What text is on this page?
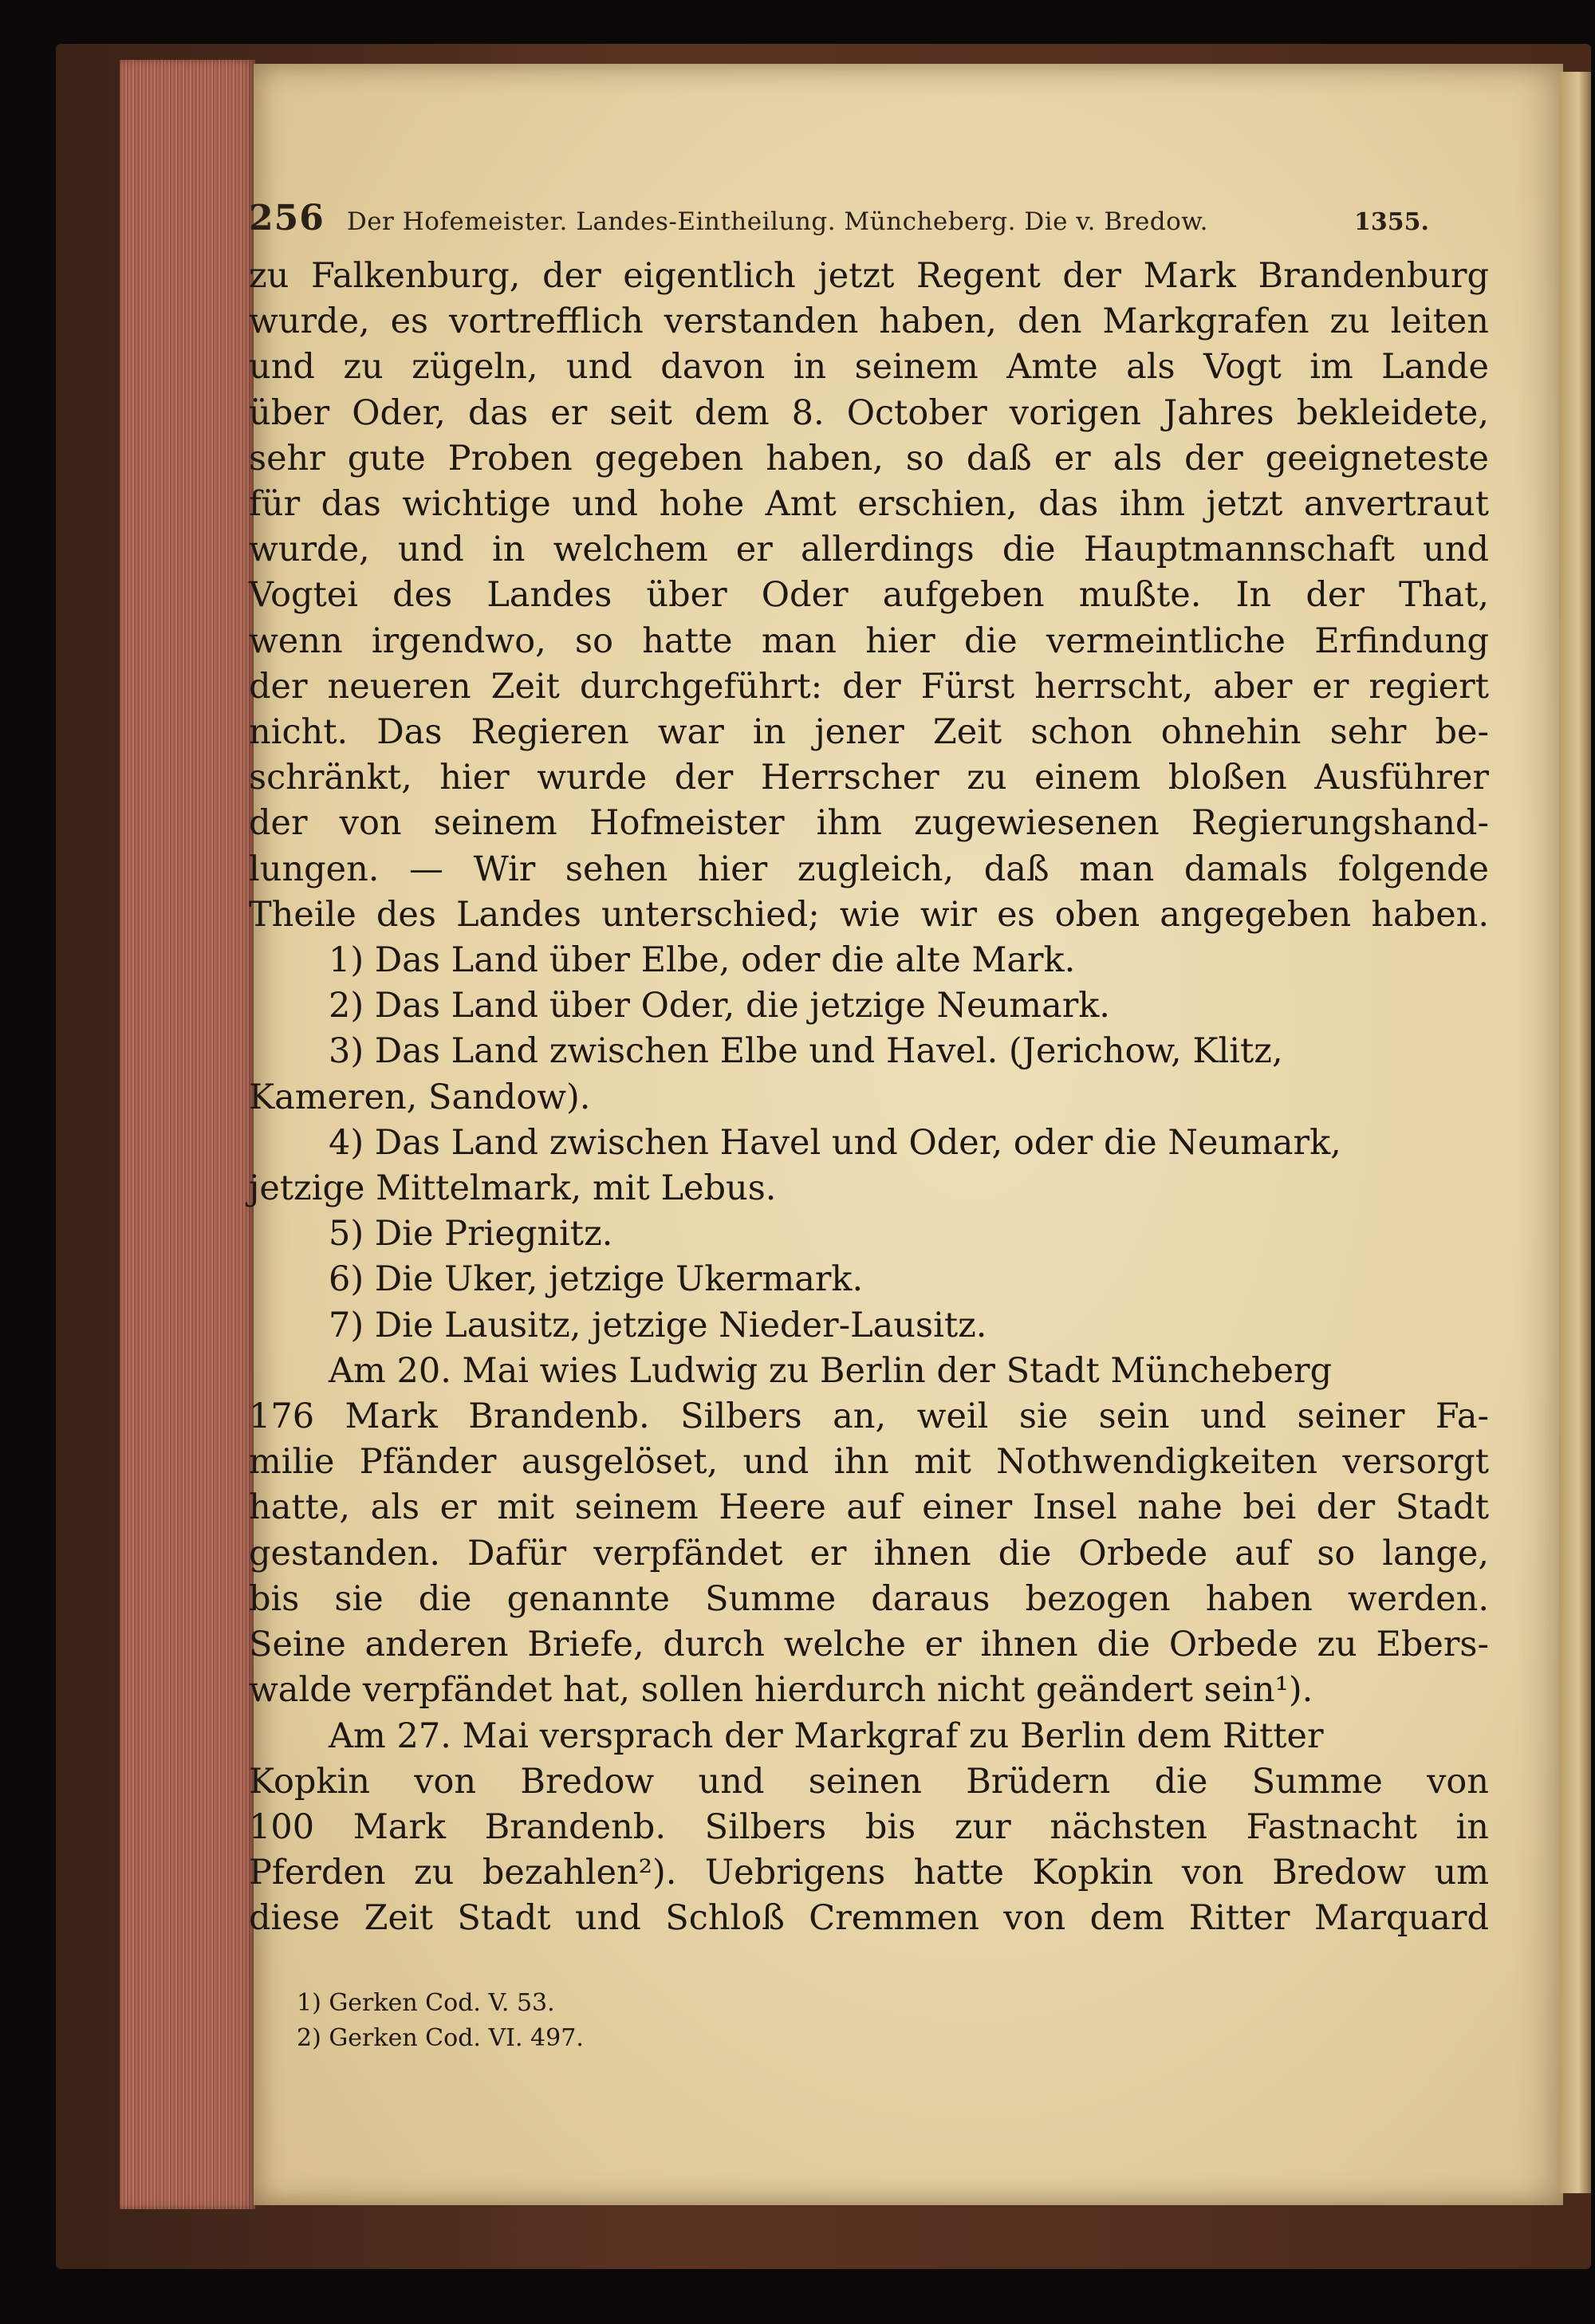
256 Der Hofemeister. Landes-Eintheilung. Müncheberg. Die v. Bredow.	1355.
zu Falkenburg, der eigentlich jetzt Regent der Mark Brandenburg
wurde, es vortrefflich verstanden haben, den Markgrafen zu leiten
und zu zügeln, und davon in seinem Amte als Vogt im Lande
über Oder, das er seit dem 8. October vorigen Jahres bekleidete,
sehr gute Proben gegeben haben, so daß er als der geeigneteste
für das wichtige und hohe Amt erschien, das ihm jetzt anvertraut
wurde, und in welchem er allerdings die Hauptmannschaft und
Vogtei des Landes über Oder aufgeben mußte. In der That,
wenn irgendwo, so hatte man hier die vermeintliche Erfindung
der neueren Zeit durchgeführt: der Fürst herrscht, aber er regiert
nicht. Das Regieren war in jener Zeit schon ohnehin sehr be-
schränkt, hier wurde der Herrscher zu einem bloßen Ausführer
der von seinem Hofmeister ihm zugewiesenen Regierungshand-
lungen. — Wir sehen hier zugleich, daß man damals folgende
Theile des Landes unterschied; wie wir es oben angegeben haben.
1) Das Land über Elbe, oder die alte Mark.
2) Das Land über Oder, die jetzige Neumark.
3) Das Land zwischen Elbe und Havel. (Jerichow, Klitz,
Kameren, Sandow).
4) Das Land zwischen Havel und Oder, oder die Neumark,
jetzige Mittelmark, mit Lebus.
5) Die Priegnitz.
6) Die Uker, jetzige Ukermark.
7) Die Lausitz, jetzige Nieder-Lausitz.
Am 20. Mai wies Ludwig zu Berlin der Stadt Müncheberg
176 Mark Brandenb. Silbers an, weil sie sein und seiner Fa-
milie Pfänder ausgelöset, und ihn mit Nothwendigkeiten versorgt
hatte, als er mit seinem Heere auf einer Insel nahe bei der Stadt
gestanden. Dafür verpfändet er ihnen die Orbede auf so lange,
bis sie die genannte Summe daraus bezogen haben werden.
Seine anderen Briefe, durch welche er ihnen die Orbede zu Ebers-
walde verpfändet hat, sollen hierdurch nicht geändert sein¹).
Am 27. Mai versprach der Markgraf zu Berlin dem Ritter
Kopkin von Bredow und seinen Brüdern die Summe von
100 Mark Brandenb. Silbers bis zur nächsten Fastnacht in
Pferden zu bezahlen²). Uebrigens hatte Kopkin von Bredow um
diese Zeit Stadt und Schloß Cremmen von dem Ritter Marquard
1) Gerken Cod. V. 53.
2) Gerken Cod. VI. 497.
